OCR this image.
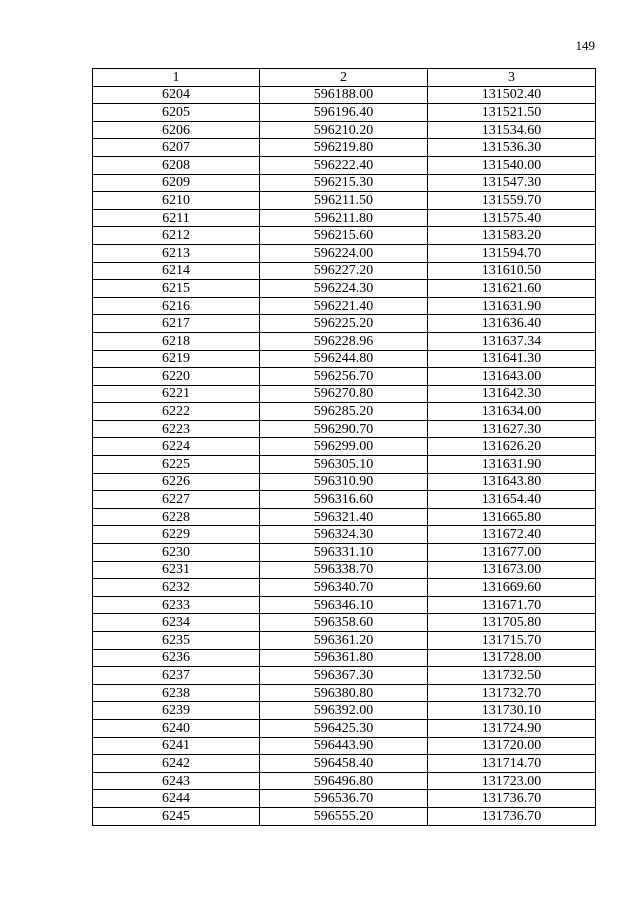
149
1	2	3
6204	596188.00	131502.40
6205	596196.40	131521.50
6206	596210.20	131534.60
6207	596219.80	131536.30
6208	596222.40	131540.00
6209	596215.30	131547.30
6210	596211.50	131559.70
6211	596211.80	131575.40
6212	596215.60	131583.20
6213	596224.00	131594.70
6214	596227.20	131610.50
6215	596224.30	131621.60
6216	596221.40	131631.90
6217	596225.20	131636.40
6218	596228.96	131637.34
6219	596244.80	131641.30
6220	596256.70	131643.00
6221	596270.80	131642.30
6222	596285.20	131634.00
6223	596290.70	131627.30
6224	596299.00	131626.20
6225	596305.10	131631.90
6226	596310.90	131643.80
6227	596316.60	131654.40
6228	596321.40	131665.80
6229	596324.30	131672.40
6230	596331.10	131677.00
6231	596338.70	131673.00
6232	596340.70	131669.60
6233	596346.10	131671.70
6234	596358.60	131705.80
6235	596361.20	131715.70
6236	596361.80	131728.00
6237	596367.30	131732.50
6238	596380.80	131732.70
6239	596392.00	131730.10
6240	596425.30	131724.90
6241	596443.90	131720.00
6242	596458.40	131714.70
6243	596496.80	131723.00
6244	596536.70	131736.70
6245	596555.20	131736.70
